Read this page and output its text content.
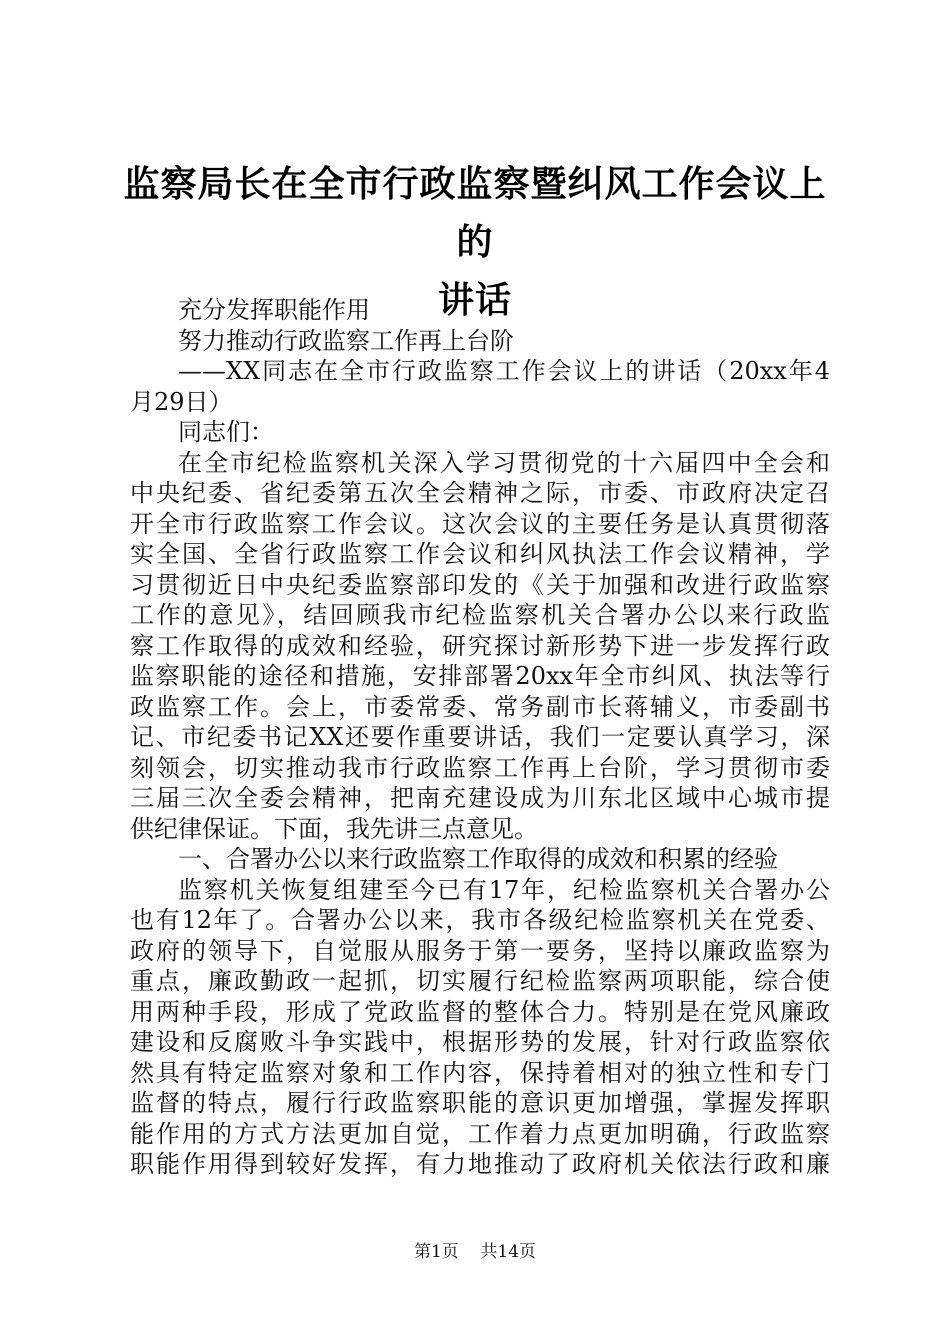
监察局长在全市行政监察暨纠风工作会议上的
讲话
充分发挥职能作用
努力推动行政监察工作再上台阶
——XX同志在全市行政监察工作会议上的讲话（20xx年4
月29日）
同志们：
在全市纪检监察机关深入学习贯彻党的十六届四中全会和
中央纪委、省纪委第五次全会精神之际，市委、市政府决定召
开全市行政监察工作会议。这次会议的主要任务是认真贯彻落
实全国、全省行政监察工作会议和纠风执法工作会议精神，学
习贯彻近日中央纪委监察部印发的《关于加强和改进行政监察
工作的意见》，结回顾我市纪检监察机关合署办公以来行政监
察工作取得的成效和经验，研究探讨新形势下进一步发挥行政
监察职能的途径和措施，安排部署20xx年全市纠风、执法等行
政监察工作。会上，市委常委、常务副市长蒋辅义，市委副书
记、市纪委书记XX还要作重要讲话，我们一定要认真学习，深
刻领会，切实推动我市行政监察工作再上台阶，学习贯彻市委
三届三次全委会精神，把南充建设成为川东北区域中心城市提
供纪律保证。下面，我先讲三点意见。
一、合署办公以来行政监察工作取得的成效和积累的经验
监察机关恢复组建至今已有17年，纪检监察机关合署办公
也有12年了。合署办公以来，我市各级纪检监察机关在党委、
政府的领导下，自觉服从服务于第一要务，坚持以廉政监察为
重点，廉政勤政一起抓，切实履行纪检监察两项职能，综合使
用两种手段，形成了党政监督的整体合力。特别是在党风廉政
建设和反腐败斗争实践中，根据形势的发展，针对行政监察依
然具有特定监察对象和工作内容，保持着相对的独立性和专门
监督的特点，履行行政监察职能的意识更加增强，掌握发挥职
能作用的方式方法更加自觉，工作着力点更加明确，行政监察
职能作用得到较好发挥，有力地推动了政府机关依法行政和廉
第1页 共14页
